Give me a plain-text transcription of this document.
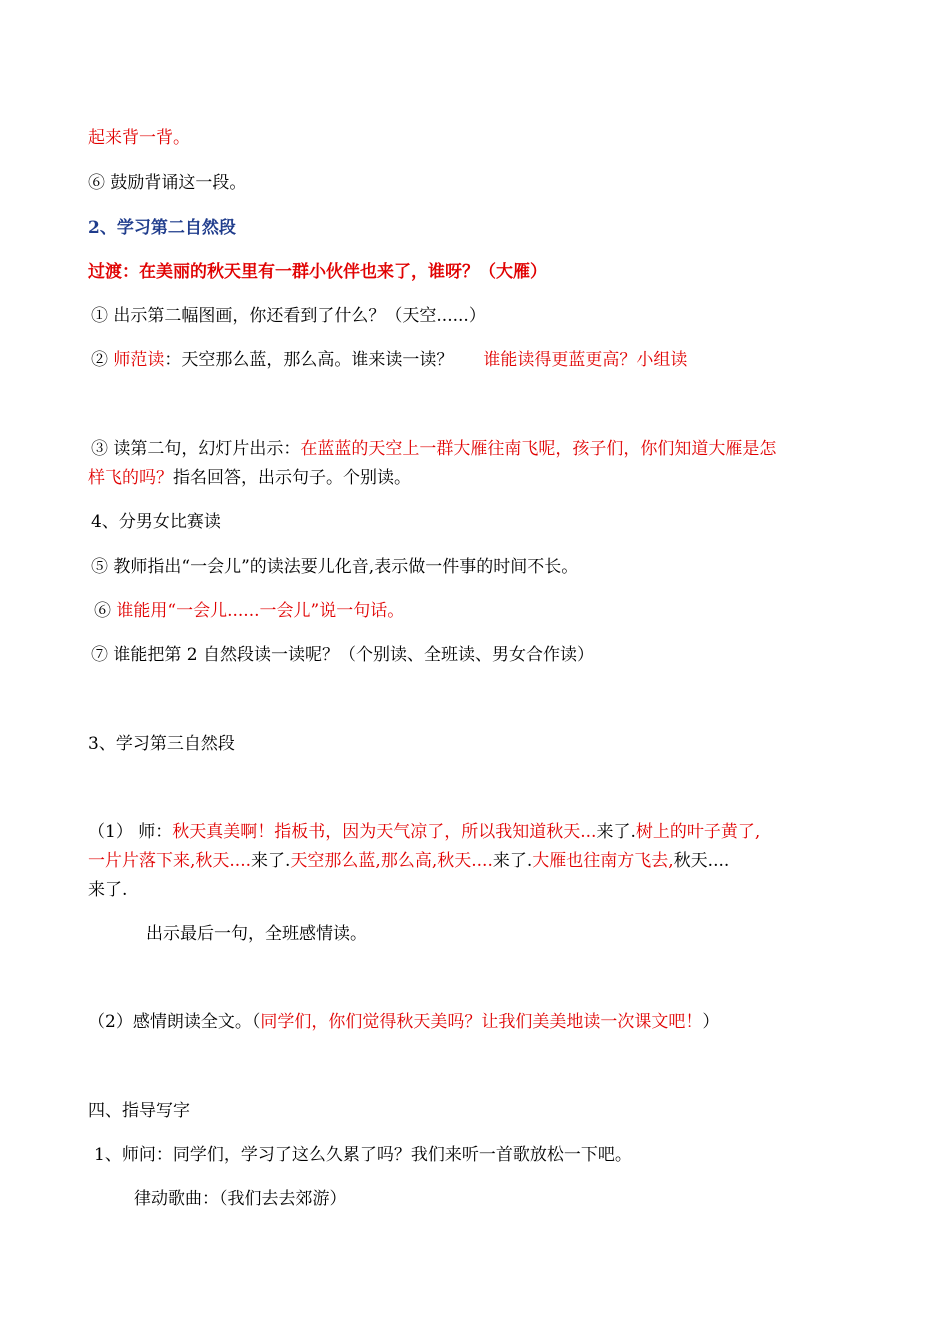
起来背一背。
⑥ 鼓励背诵这一段。
2、学习第二自然段
过渡：在美丽的秋天里有一群小伙伴也来了，谁呀？（大雁）
① 出示第二幅图画，你还看到了什么？（天空......）
② 师范读：天空那么蓝，那么高。谁来读一读？ 谁能读得更蓝更高？小组读
③ 读第二句，幻灯片出示：在蓝蓝的天空上一群大雁往南飞呢，孩子们，你们知道大雁是怎
样飞的吗？指名回答，出示句子。个别读。
4、分男女比赛读
⑤ 教师指出“一会儿”的读法要儿化音,表示做一件事的时间不长。
⑥ 谁能用“一会儿......一会儿”说一句话。
⑦ 谁能把第 2 自然段读一读呢？（个别读、全班读、男女合作读）
3、学习第三自然段
（1） 师：秋天真美啊！指板书，因为天气凉了，所以我知道秋天...来了.树上的叶子黄了,
一片片落下来,秋天....来了.天空那么蓝,那么高,秋天....来了.大雁也往南方飞去,秋天....
来了.
出示最后一句，全班感情读。
（2）感情朗读全文。（同学们，你们觉得秋天美吗？让我们美美地读一次课文吧！）
四、指导写字
1、师问：同学们，学习了这么久累了吗？我们来听一首歌放松一下吧。
律动歌曲：（我们去去郊游）
